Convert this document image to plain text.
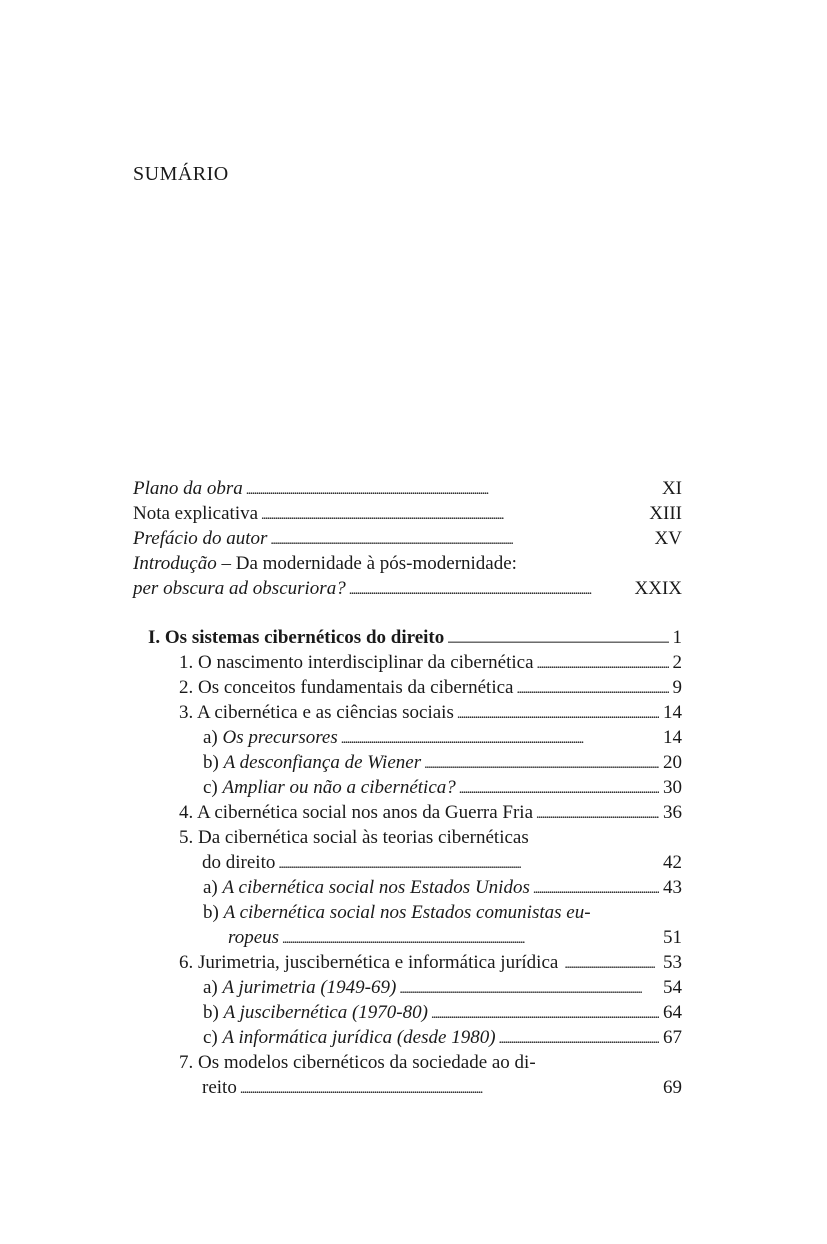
SUMÁRIO
Plano da obra . . .	XI
Nota explicativa . . .	XIII
Prefácio do autor . . .	XV
Introdução – Da modernidade à pós-modernidade:
per obscura ad obscuriora? . . .	XXIX
I. Os sistemas cibernéticos do direito . . .	1
1. O nascimento interdisciplinar da cibernética . . .	2
2. Os conceitos fundamentais da cibernética . . .	9
3. A cibernética e as ciências sociais . . .	14
a) Os precursores . . .	14
b) A desconfiança de Wiener . . .	20
c) Ampliar ou não a cibernética? . . .	30
4. A cibernética social nos anos da Guerra Fria . . .	36
5. Da cibernética social às teorias cibernéticas
do direito . . .	42
a) A cibernética social nos Estados Unidos . . .	43
b) A cibernética social nos Estados comunistas eu-
ropeus . . .	51
6. Jurimetria, juscibernética e informática jurídica . . .	53
a) A jurimetria (1949-69) . . .	54
b) A juscibernética (1970-80) . . .	64
c) A informática jurídica (desde 1980) . . .	67
7. Os modelos cibernéticos da sociedade ao di-
reito . . .	69
